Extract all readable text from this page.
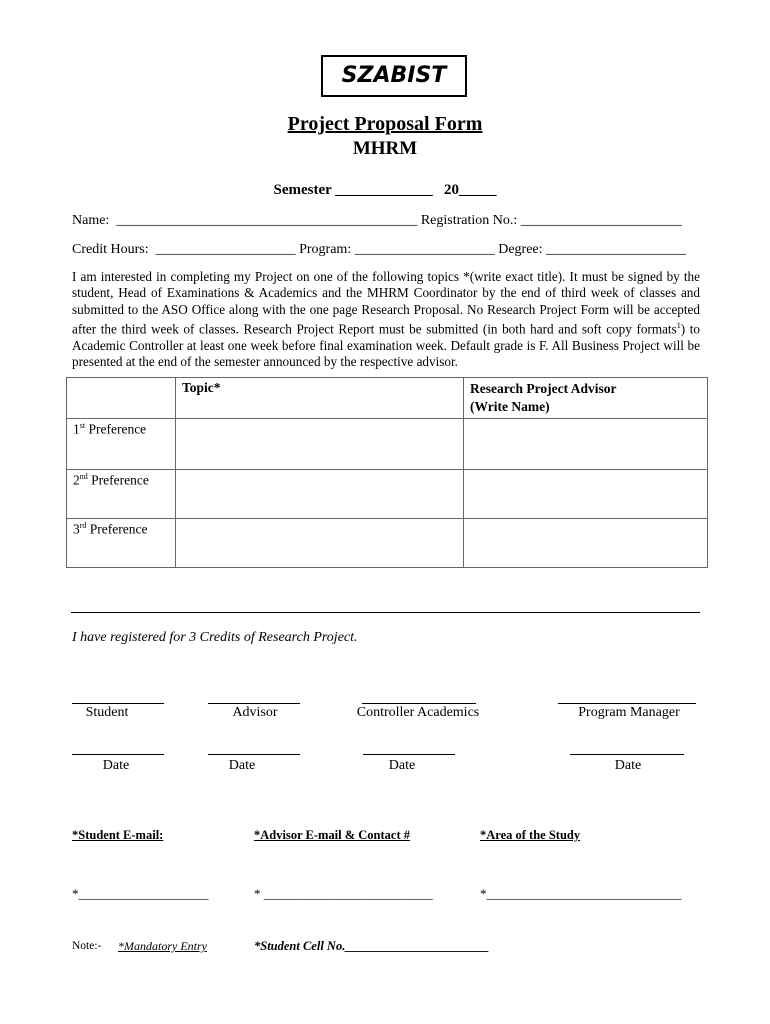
SZABIST
Project Proposal Form
MHRM
Semester _____________   20_____
Name:  ___________________________________________ Registration No.: _______________________
Credit Hours:  ____________________ Program: ____________________ Degree: ____________________
I am interested in completing my Project on one of the following topics *(write exact title). It must be signed by the student, Head of Examinations & Academics and the MHRM Coordinator by the end of third week of classes and submitted to the ASO Office along with the one page Research Proposal. No Research Project Form will be accepted after the third week of classes. Research Project Report must be submitted (in both hard and soft copy formats$^1$) to Academic Controller at least one week before final examination week. Default grade is F. All Business Project will be presented at the end of the semester announced by the respective advisor.
	Topic*	Research Project Advisor
(Write Name)
1st Preference		
2nd Preference		
3rd Preference		
I have registered for 3 Credits of Research Project.
Student	Advisor	Controller Academics	Program Manager
Date	Date	Date	Date
*Student E-mail:	*Advisor E-mail & Contact #	*Area of the Study
*____________________	* __________________________	*______________________________
Note:- *Mandatory Entry	*Student Cell No._______________________
